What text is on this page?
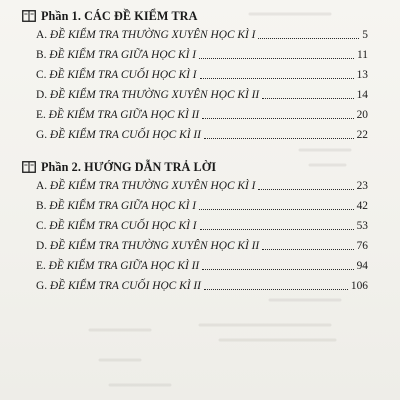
Phần 1. CÁC ĐỀ KIỂM TRA
A. ĐỀ KIỂM TRA THƯỜNG XUYÊN HỌC KÌ I	5
B. ĐỀ KIỂM TRA GIỮA HỌC KÌ I	11
C. ĐỀ KIỂM TRA CUỐI HỌC KÌ I	13
D. ĐỀ KIỂM TRA THƯỜNG XUYÊN HỌC KÌ II	14
E. ĐỀ KIỂM TRA GIỮA HỌC KÌ II	20
G. ĐỀ KIỂM TRA CUỐI HỌC KÌ II	22
Phần 2. HƯỚNG DẪN TRẢ LỜI
A. ĐỀ KIỂM TRA THƯỜNG XUYÊN HỌC KÌ I	23
B. ĐỀ KIỂM TRA GIỮA HỌC KÌ I	42
C. ĐỀ KIỂM TRA CUỐI HỌC KÌ I	53
D. ĐỀ KIỂM TRA THƯỜNG XUYÊN HỌC KÌ II	76
E. ĐỀ KIỂM TRA GIỮA HỌC KÌ II	94
G. ĐỀ KIỂM TRA CUỐI HỌC KÌ II	106
